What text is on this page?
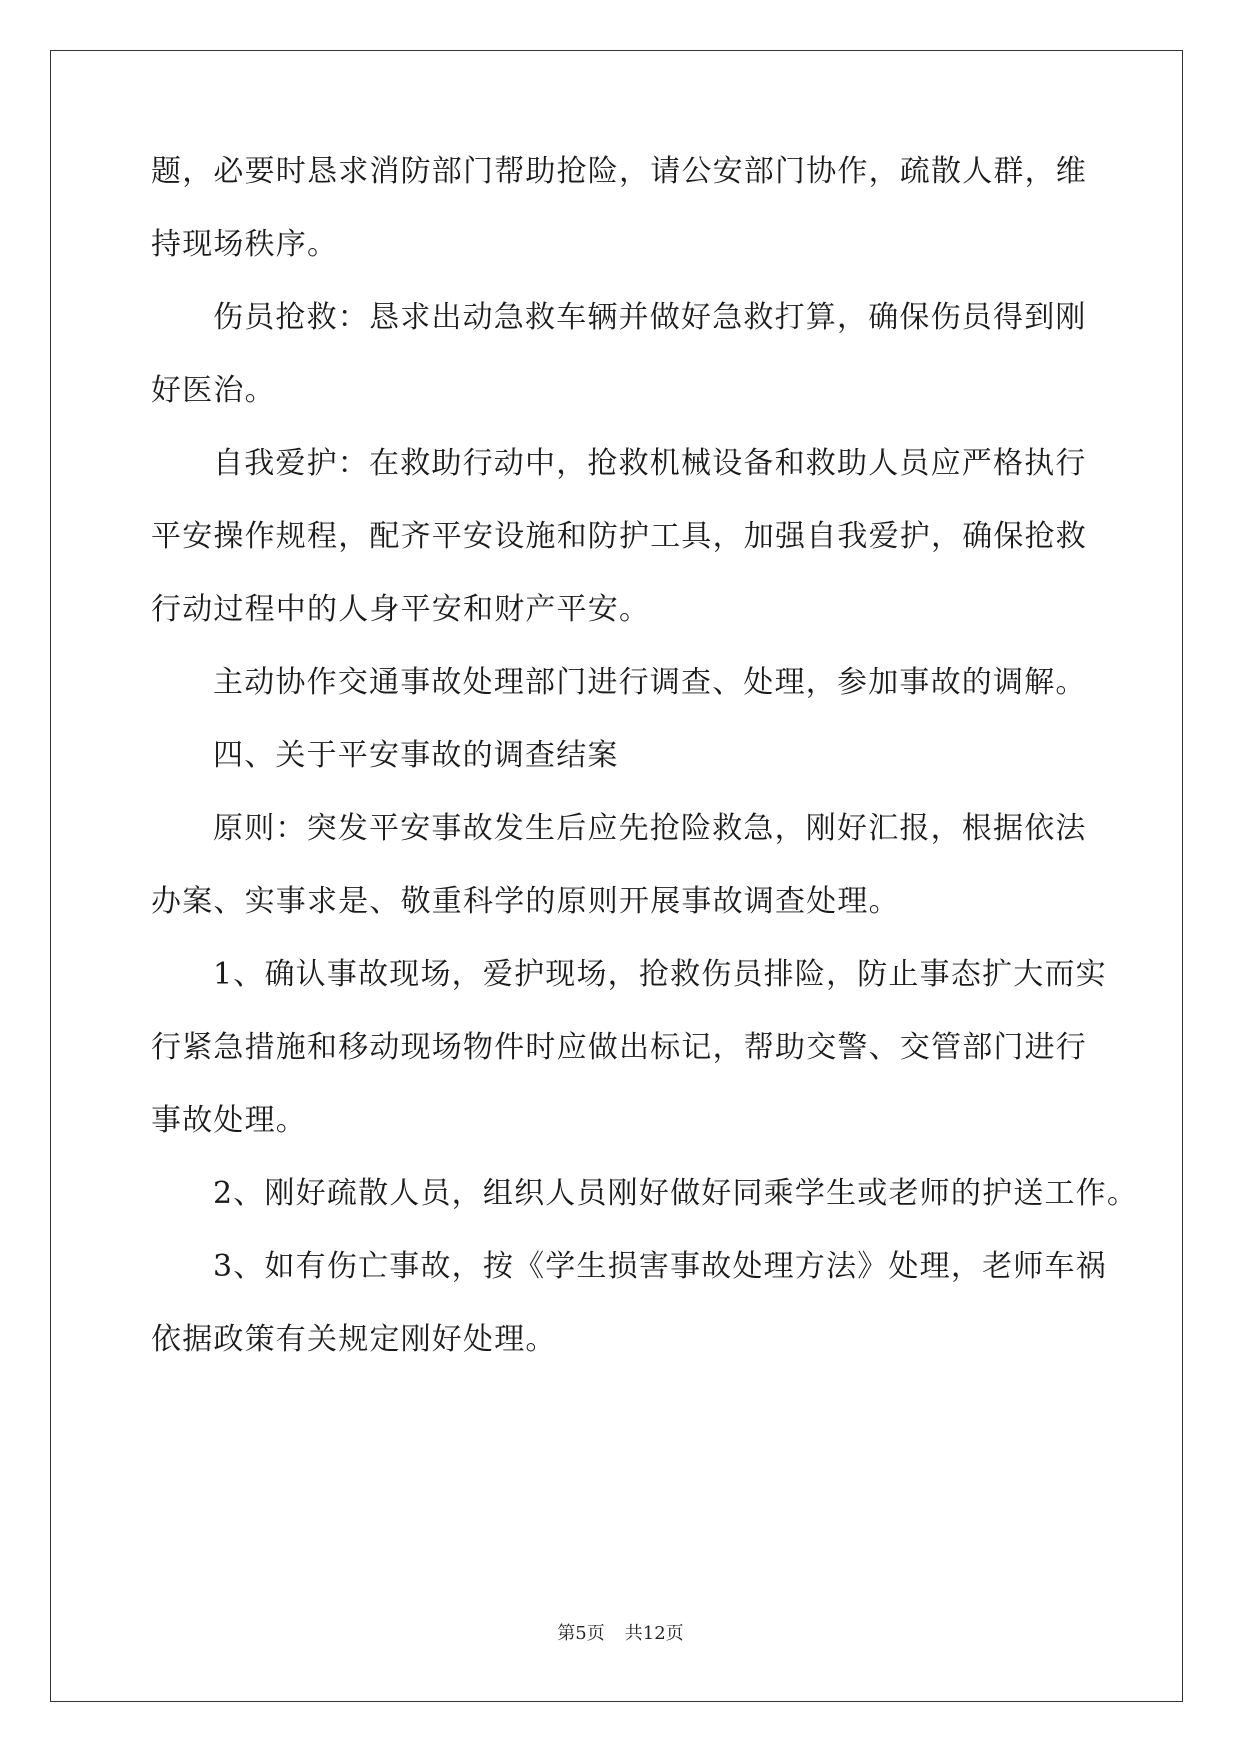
题，必要时恳求消防部门帮助抢险，请公安部门协作，疏散人群，维
持现场秩序。
伤员抢救：恳求出动急救车辆并做好急救打算，确保伤员得到刚
好医治。
自我爱护：在救助行动中，抢救机械设备和救助人员应严格执行
平安操作规程，配齐平安设施和防护工具，加强自我爱护，确保抢救
行动过程中的人身平安和财产平安。
主动协作交通事故处理部门进行调查、处理，参加事故的调解。
四、关于平安事故的调查结案
原则：突发平安事故发生后应先抢险救急，刚好汇报，根据依法
办案、实事求是、敬重科学的原则开展事故调查处理。
1、确认事故现场，爱护现场，抢救伤员排险，防止事态扩大而实
行紧急措施和移动现场物件时应做出标记，帮助交警、交管部门进行
事故处理。
2、刚好疏散人员，组织人员刚好做好同乘学生或老师的护送工作。
3、如有伤亡事故，按《学生损害事故处理方法》处理，老师车祸
依据政策有关规定刚好处理。
第5页 共12页
